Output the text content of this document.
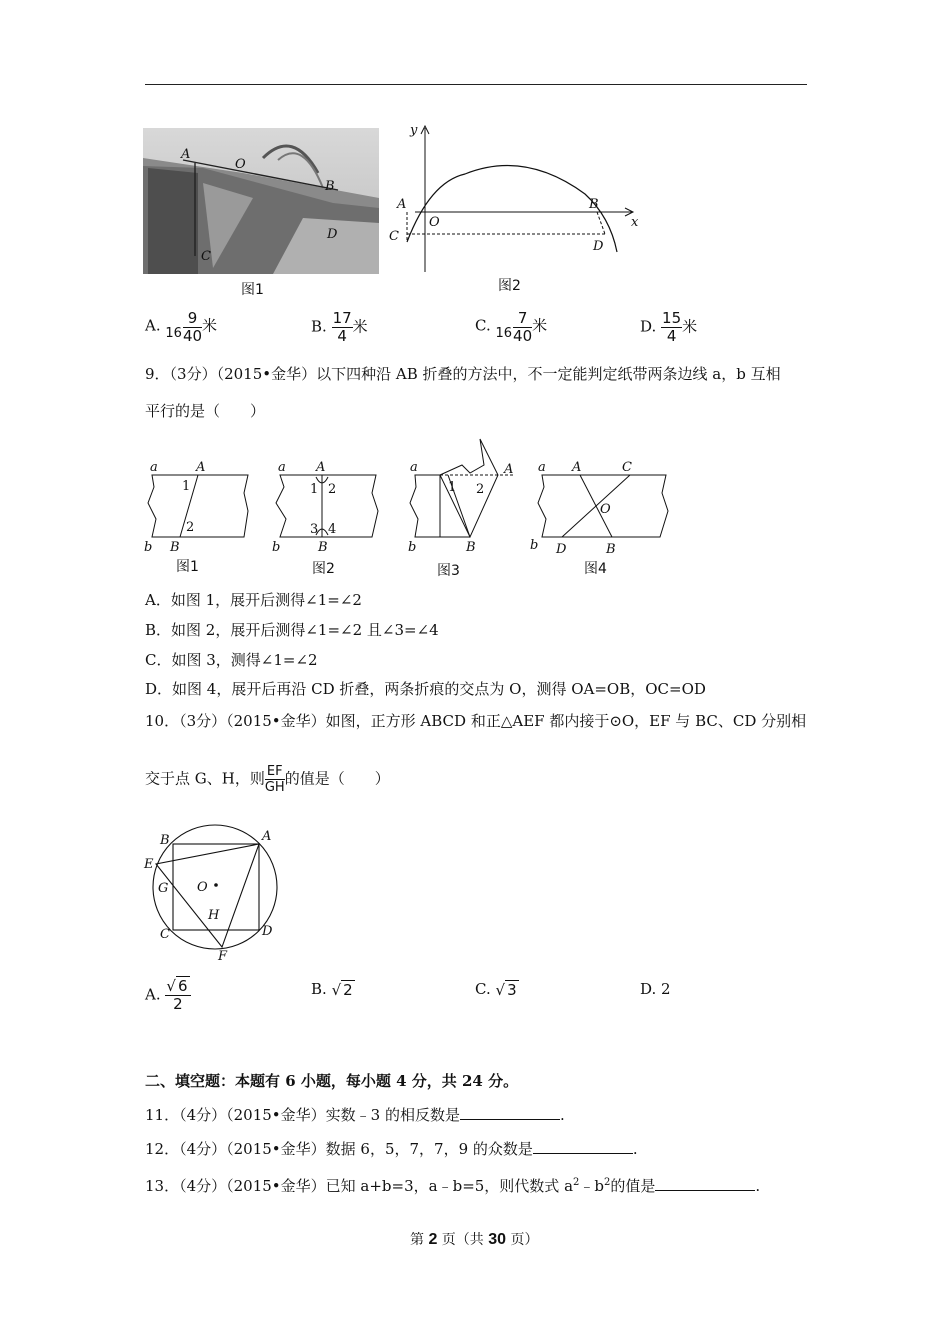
A
O
B
C
D
图1
y
x
A
O
B
C
D
图2
A. $16 \frac{9}{40}$ 米	B. $\frac{17}{4}$ 米	C. $16 \frac{7}{40}$ 米	D. $\frac{15}{4}$ 米
9．（3分）（2015•金华）以下四种沿 AB 折叠的方法中，不一定能判定纸带两条边线 a，b 互相
平行的是（　　）
a	A
1
2
b B
a A
1 2
3 4
b	B
a
1 2
A
b	B
a A	C
O
b D	B
图1	图2	图3	图4
A．如图 1，展开后测得∠1=∠2
B．如图 2，展开后测得∠1=∠2 且∠3=∠4
C．如图 3，测得∠1=∠2
D．如图 4，展开后再沿 CD 折叠，两条折痕的交点为 O，测得 OA=OB，OC=OD
10．（3分）（2015•金华）如图，正方形 ABCD 和正△AEF 都内接于⊙O，EF 与 BC、CD 分别相
交于点 G、H，则 $\frac{EF}{GH}$ 的值是（　　）
B	A
E
G O
H
C	D
F
A. $\frac{√ 6}{2}$	B. √ 2	C. √ 3	D. 2
二、填空题：本题有 6 小题，每小题 4 分，共 24 分。
11．（4分）（2015•金华）实数﹣3 的相反数是	.
12．（4分）（2015•金华）数据 6，5，7，7，9 的众数是	.
13．（4分）（2015•金华）已知 a+b=3，a﹣b=5，则代数式 $a^2﹣b^2$的值是	.
第 2 页（共 30 页）
